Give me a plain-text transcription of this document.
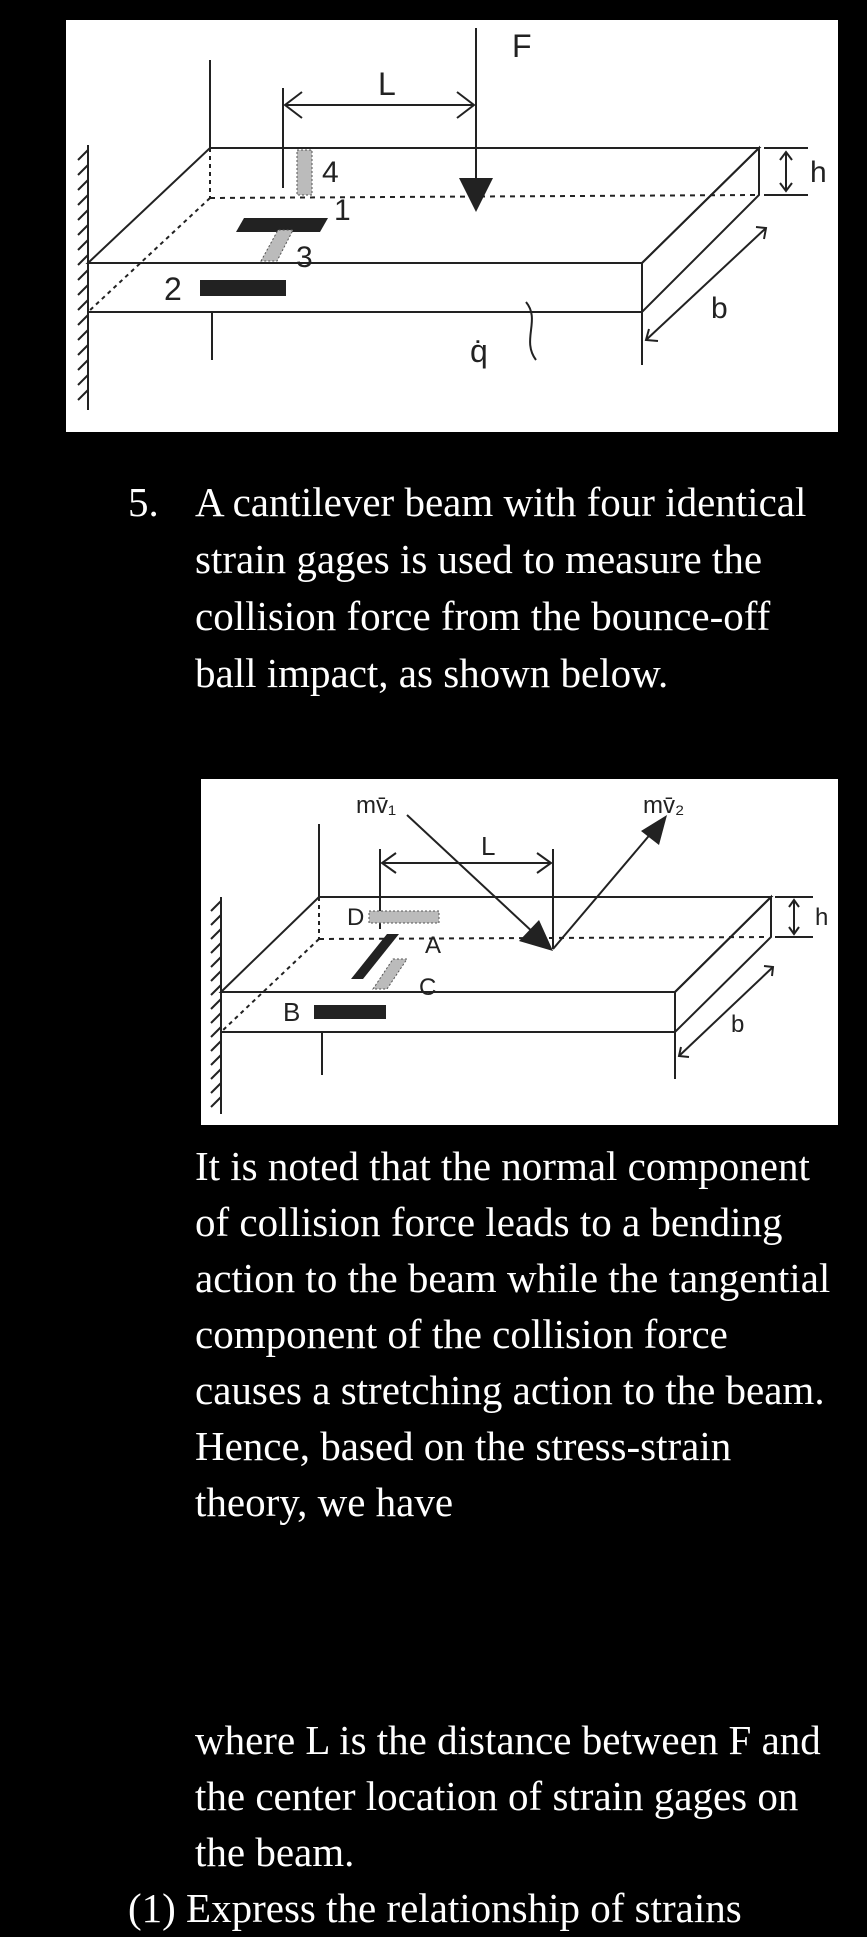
F
L
4
1
3
2
h
b
q̇
5. A cantilever beam with four identical strain gages is used to measure the collision force from the bounce-off ball impact, as shown below.

mv̄₁	mv̄₂
L
D
A
C
B
h
b

It is noted that the normal component of collision force leads to a bending action to the beam while the tangential component of the collision force causes a stretching action to the beam. Hence, based on the stress-strain theory, we have

where L is the distance between F and the center location of strain gages on the beam.

(1) Express the relationship of strains
